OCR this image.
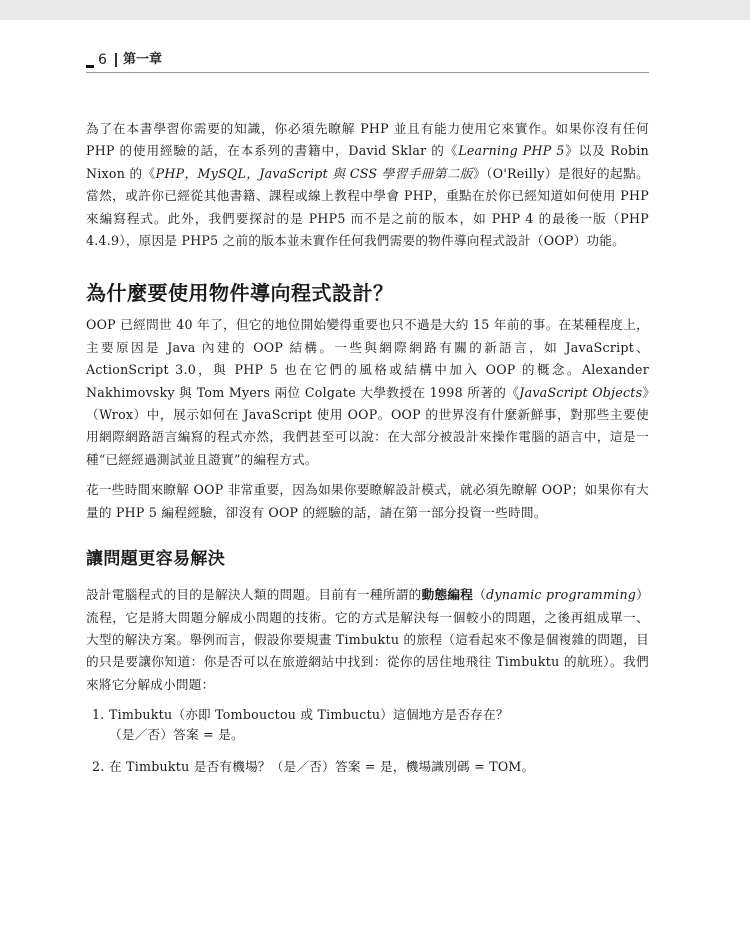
6 第一章

為了在本書學習你需要的知識，你必須先瞭解 PHP 並且有能力使用它來實作。如果你沒有任何 PHP 的使用經驗的話，在本系列的書籍中，David Sklar 的《Learning PHP 5》以及 Robin Nixon 的《PHP，MySQL，JavaScript 與 CSS 學習手冊第二版》（O'Reilly）是很好的起點。當然，或許你已經從其他書籍、課程或線上教程中學會 PHP，重點在於你已經知道如何使用 PHP 來編寫程式。此外，我們要探討的是 PHP5 而不是之前的版本，如 PHP 4 的最後一版（PHP 4.4.9），原因是 PHP5 之前的版本並未實作任何我們需要的物件導向程式設計（OOP）功能。

為什麼要使用物件導向程式設計？

OOP 已經問世 40 年了，但它的地位開始變得重要也只不過是大約 15 年前的事。在某種程度上，主要原因是 Java 內建的 OOP 結構。一些與網際網路有關的新語言，如 JavaScript、ActionScript 3.0，與 PHP 5 也在它們的風格或結構中加入 OOP 的概念。Alexander Nakhimovsky 與 Tom Myers 兩位 Colgate 大學教授在 1998 所著的《JavaScript Objects》（Wrox）中，展示如何在 JavaScript 使用 OOP。OOP 的世界沒有什麼新鮮事，對那些主要使用網際網路語言編寫的程式亦然，我們甚至可以說：在大部分被設計來操作電腦的語言中，這是一種“已經經過測試並且證實”的編程方式。

花一些時間來瞭解 OOP 非常重要，因為如果你要瞭解設計模式，就必須先瞭解 OOP；如果你有大量的 PHP 5 編程經驗，卻沒有 OOP 的經驗的話，請在第一部分投資一些時間。

讓問題更容易解決

設計電腦程式的目的是解決人類的問題。目前有一種所謂的動態編程（dynamic programming）流程，它是將大問題分解成小問題的技術。它的方式是解決每一個較小的問題，之後再組成單一、大型的解決方案。舉例而言，假設你要規畫 Timbuktu 的旅程（這看起來不像是個複雜的問題，目的只是要讓你知道：你是否可以在旅遊網站中找到：從你的居住地飛往 Timbuktu 的航班）。我們來將它分解成小問題：

1. Timbuktu（亦即 Tombouctou 或 Timbuctu）這個地方是否存在？
（是／否）答案 = 是。
2. 在 Timbuktu 是否有機場？（是／否）答案 = 是，機場識別碼 = TOM。
